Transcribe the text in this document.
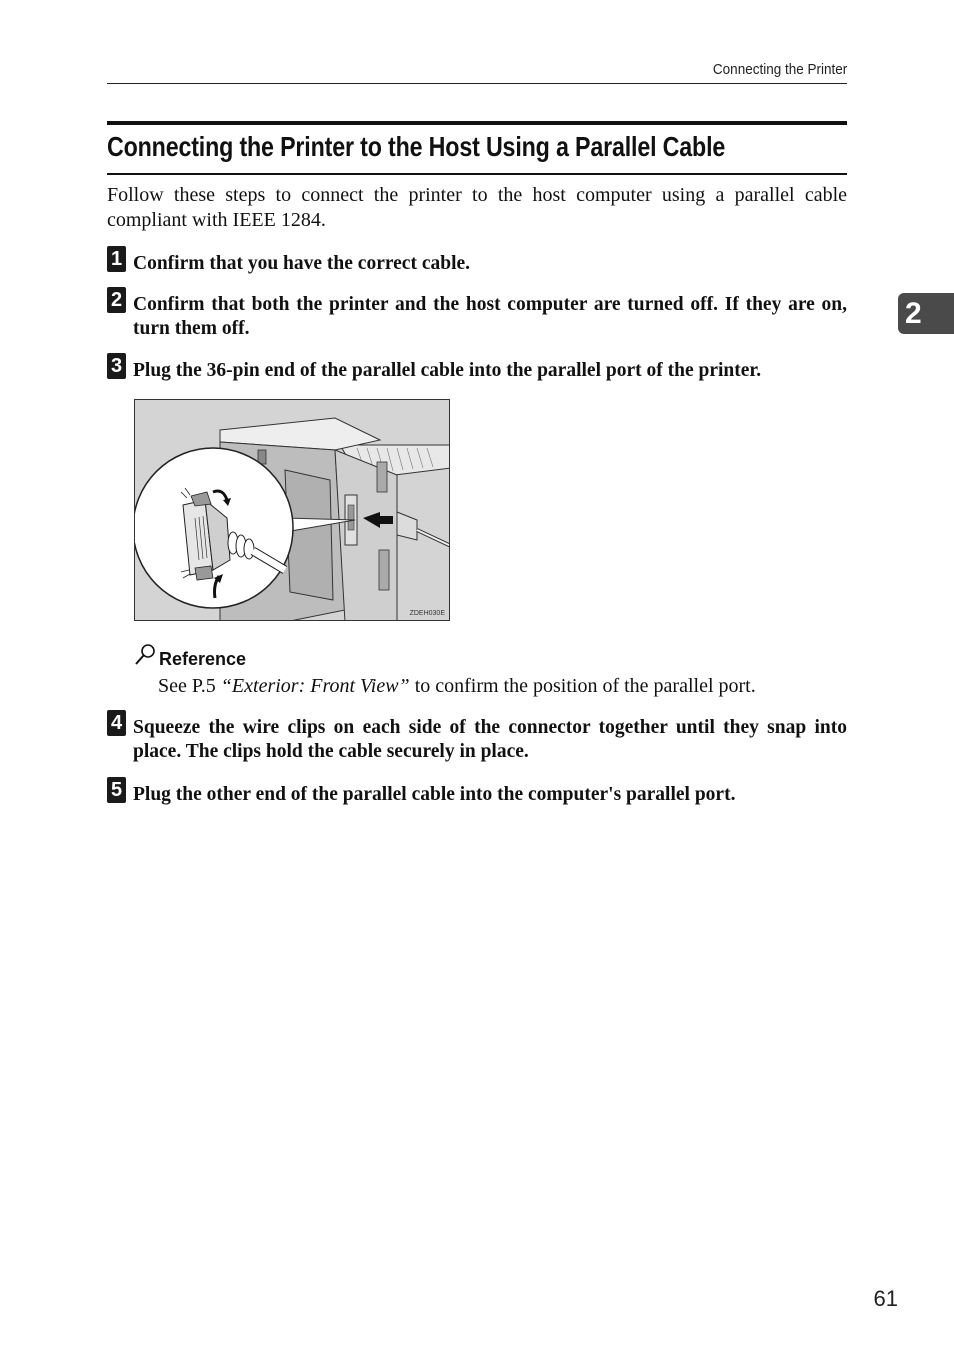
Connecting the Printer
2
Connecting the Printer to the Host Using a Parallel Cable
Follow these steps to connect the printer to the host computer using a parallel cable compliant with IEEE 1284.
1 Confirm that you have the correct cable.
2 Confirm that both the printer and the host computer are turned off. If they are on, turn them off.
3 Plug the 36-pin end of the parallel cable into the parallel port of the printer.
ZDEH030E
Reference
See P.5 “Exterior: Front View” to confirm the position of the parallel port.
4 Squeeze the wire clips on each side of the connector together until they snap into place. The clips hold the cable securely in place.
5 Plug the other end of the parallel cable into the computer's parallel port.
61
